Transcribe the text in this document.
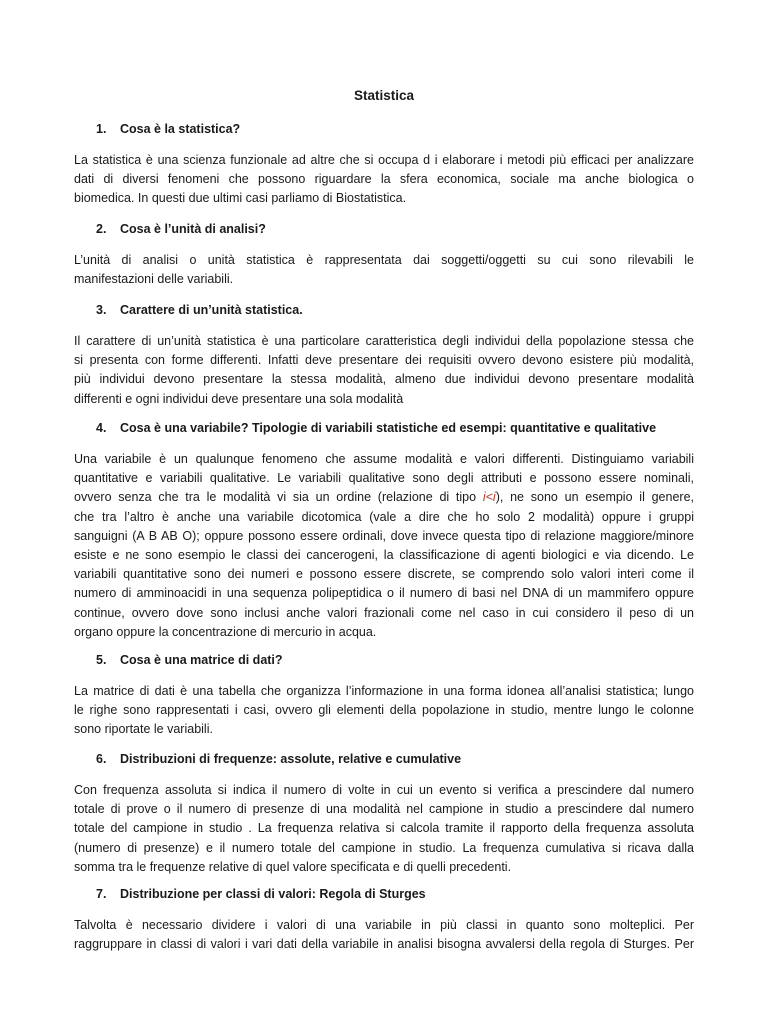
Statistica
1. Cosa è la statistica?
La statistica è una scienza funzionale ad altre che si occupa d i elaborare i metodi più efficaci per analizzare
dati di diversi fenomeni che possono riguardare la sfera economica, sociale ma anche biologica o
biomedica. In questi due ultimi casi parliamo di Biostatistica.
2. Cosa è l’unità di analisi?
L’unità di analisi o unità statistica è rappresentata dai soggetti/oggetti su cui sono rilevabili le
manifestazioni delle variabili.
3. Carattere di un’unità statistica.
Il carattere di un’unità statistica è una particolare caratteristica degli individui della popolazione stessa che
si presenta con forme differenti. Infatti deve presentare dei requisiti ovvero devono esistere più modalità,
più individui devono presentare la stessa modalità, almeno due individui devono presentare modalità
differenti e ogni individui deve presentare una sola modalità
4. Cosa è una variabile? Tipologie di variabili statistiche ed esempi: quantitative e qualitative
Una variabile è un qualunque fenomeno che assume modalità e valori differenti. Distinguiamo variabili
quantitative e variabili qualitative. Le variabili qualitative sono degli attributi e possono essere nominali,
ovvero senza che tra le modalità vi sia un ordine (relazione di tipo i<i), ne sono un esempio il genere,
che tra l’altro è anche una variabile dicotomica (vale a dire che ho solo 2 modalità) oppure i gruppi
sanguigni (A B AB O); oppure possono essere ordinali, dove invece questa tipo di relazione maggiore/minore
esiste e ne sono esempio le classi dei cancerogeni, la classificazione di agenti biologici e via dicendo. Le
variabili quantitative sono dei numeri e possono essere discrete, se comprendo solo valori interi come il
numero di amminoacidi in una sequenza polipeptidica o il numero di basi nel DNA di un mammifero oppure
continue, ovvero dove sono inclusi anche valori frazionali come nel caso in cui considero il peso di un
organo oppure la concentrazione di mercurio in acqua.
5. Cosa è una matrice di dati?
La matrice di dati è una tabella che organizza l’informazione in una forma idonea all’analisi statistica; lungo
le righe sono rappresentati i casi, ovvero gli elementi della popolazione in studio, mentre lungo le colonne
sono riportate le variabili.
6. Distribuzioni di frequenze: assolute, relative e cumulative
Con frequenza assoluta si indica il numero di volte in cui un evento si verifica a prescindere dal numero
totale di prove o il numero di presenze di una modalità nel campione in studio a prescindere dal numero
totale del campione in studio . La frequenza relativa si calcola tramite il rapporto della frequenza assoluta
(numero di presenze) e il numero totale del campione in studio. La frequenza cumulativa si ricava dalla
somma tra le frequenze relative di quel valore specificata e di quelli precedenti.
7. Distribuzione per classi di valori: Regola di Sturges
Talvolta è necessario dividere i valori di una variabile in più classi in quanto sono molteplici. Per
raggruppare in classi di valori i vari dati della variabile in analisi bisogna avvalersi della regola di Sturges. Per
